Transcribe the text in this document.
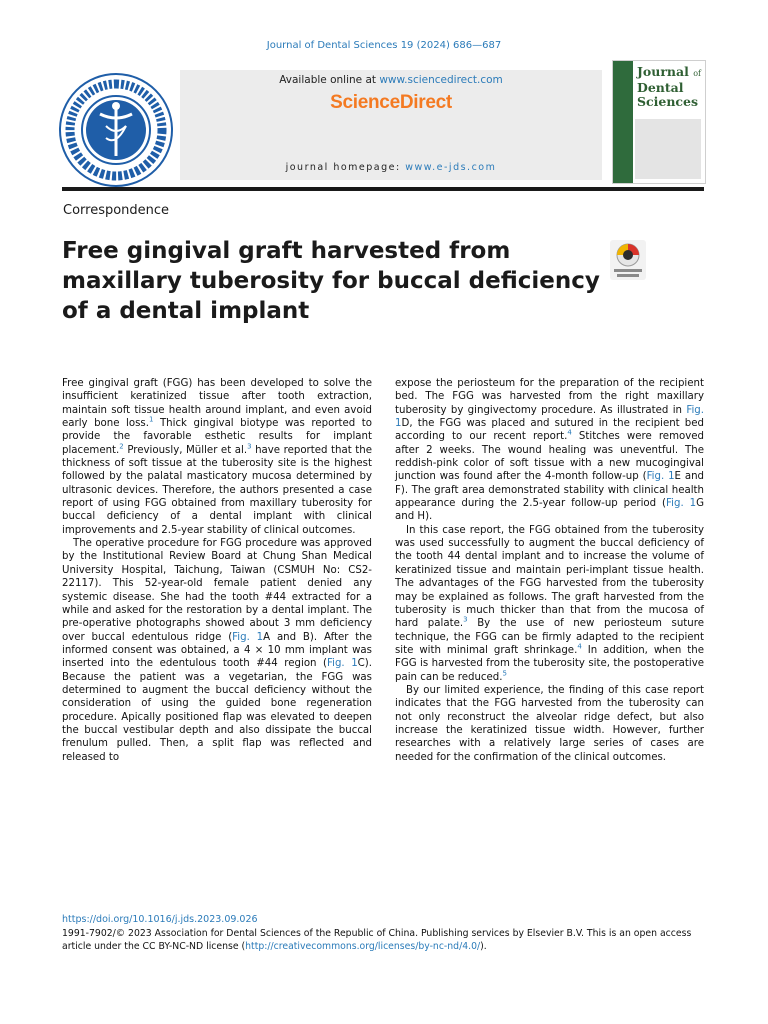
Journal of Dental Sciences 19 (2024) 686—687
Available online at www.sciencedirect.com
ScienceDirect
journal homepage: www.e-jds.com
Journal of
Dental
Sciences
Correspondence
Free gingival graft harvested from maxillary tuberosity for buccal deficiency of a dental implant

Free gingival graft (FGG) has been developed to solve the insufficient keratinized tissue after tooth extraction, maintain soft tissue health around implant, and even avoid early bone loss.$^1$ Thick gingival biotype was reported to provide the favorable esthetic results for implant placement.$^2$ Previously, Müller et al.$^3$ have reported that the thickness of soft tissue at the tuberosity site is the highest followed by the palatal masticatory mucosa determined by ultrasonic devices. Therefore, the authors presented a case report of using FGG obtained from maxillary tuberosity for buccal deficiency of a dental implant with clinical improvements and 2.5-year stability of clinical outcomes.

The operative procedure for FGG procedure was approved by the Institutional Review Board at Chung Shan Medical University Hospital, Taichung, Taiwan (CSMUH No: CS2-22117). This 52-year-old female patient denied any systemic disease. She had the tooth #44 extracted for a while and asked for the restoration by a dental implant. The pre-operative photographs showed about 3 mm deficiency over buccal edentulous ridge (Fig. 1A and B). After the informed consent was obtained, a 4 × 10 mm implant was inserted into the edentulous tooth #44 region (Fig. 1C). Because the patient was a vegetarian, the FGG was determined to augment the buccal deficiency without the consideration of using the guided bone regeneration procedure. Apically positioned flap was elevated to deepen the buccal vestibular depth and also dissipate the buccal frenulum pulled. Then, a split flap was reflected and released to

expose the periosteum for the preparation of the recipient bed. The FGG was harvested from the right maxillary tuberosity by gingivectomy procedure. As illustrated in Fig. 1D, the FGG was placed and sutured in the recipient bed according to our recent report.$^4$ Stitches were removed after 2 weeks. The wound healing was uneventful. The reddish-pink color of soft tissue with a new mucogingival junction was found after the 4-month follow-up (Fig. 1E and F). The graft area demonstrated stability with clinical health appearance during the 2.5-year follow-up period (Fig. 1G and H).

In this case report, the FGG obtained from the tuberosity was used successfully to augment the buccal deficiency of the tooth 44 dental implant and to increase the volume of keratinized tissue and maintain peri-implant tissue health. The advantages of the FGG harvested from the tuberosity may be explained as follows. The graft harvested from the tuberosity is much thicker than that from the mucosa of hard palate.$^3$ By the use of new periosteum suture technique, the FGG can be firmly adapted to the recipient site with minimal graft shrinkage.$^4$ In addition, when the FGG is harvested from the tuberosity site, the postoperative pain can be reduced.$^5$

By our limited experience, the finding of this case report indicates that the FGG harvested from the tuberosity can not only reconstruct the alveolar ridge defect, but also increase the keratinized tissue width. However, further researches with a relatively large series of cases are needed for the confirmation of the clinical outcomes.

https://doi.org/10.1016/j.jds.2023.09.026
1991-7902/© 2023 Association for Dental Sciences of the Republic of China. Publishing services by Elsevier B.V. This is an open access article under the CC BY-NC-ND license (http://creativecommons.org/licenses/by-nc-nd/4.0/).
